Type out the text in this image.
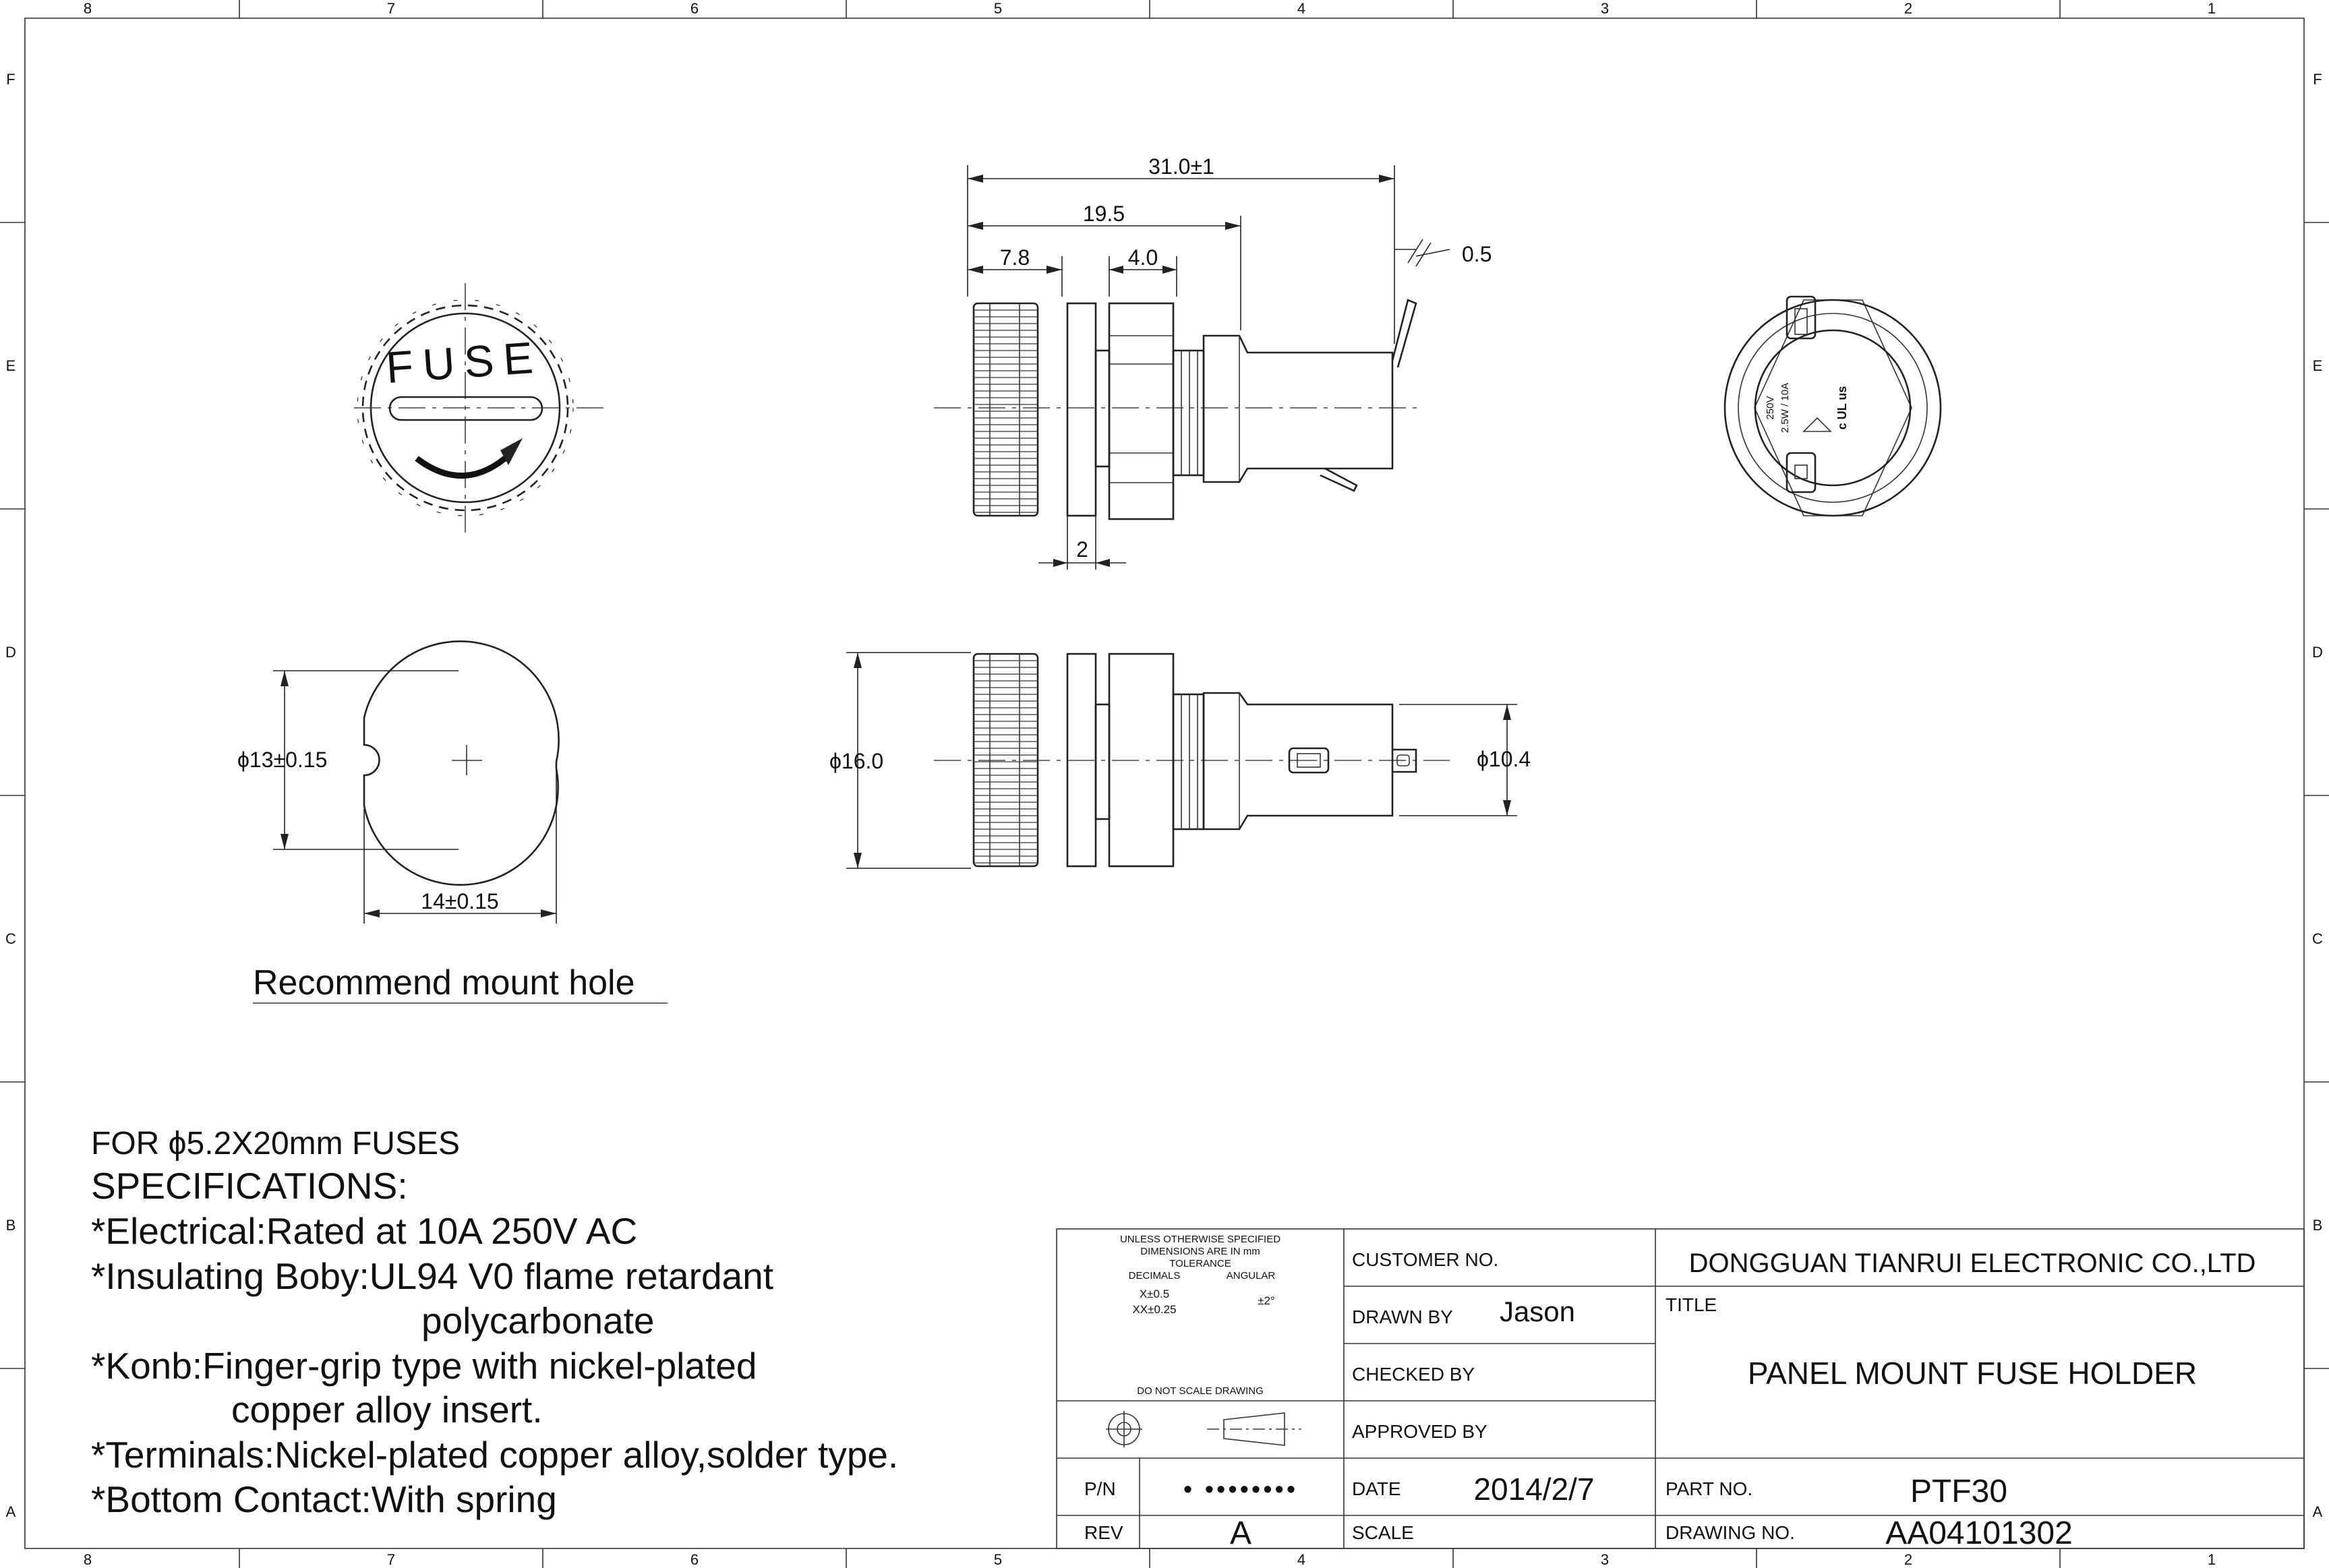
8	7	6	5	4	3	2	1
8	7	6	5	4	3	2	1
F
E
D
C
B
A
F
E
D
C
B
A
FUSE
31.0±1
19.5
7.8	4.0	0.5
2
250V 2.5W / 10A	c UL us
ϕ13±0.15
14±0.15
Recommend mount hole
ϕ16.0	ϕ10.4
FOR ϕ5.2X20mm FUSES
SPECIFICATIONS:
*Electrical:Rated at 10A 250V AC
*Insulating Boby:UL94 V0 flame retardant
polycarbonate
*Konb:Finger-grip type with nickel-plated
copper alloy insert.
*Terminals:Nickel-plated copper alloy,solder type.
*Bottom Contact:With spring
UNLESS OTHERWISE SPECIFIED
DIMENSIONS ARE IN mm
TOLERANCE
DECIMALS	ANGULAR
X±0.5
XX±0.25
±2°
DO NOT SCALE DRAWING
CUSTOMER NO.	DONGGUAN TIANRUI ELECTRONIC CO.,LTD
DRAWN BY Jason	TITLE
PANEL MOUNT FUSE HOLDER
CHECKED BY
APPROVED BY
P/N	• ••••••••	DATE 2014/2/7	PART NO.	PTF30
REV	A	SCALE	DRAWING NO.	AA04101302
